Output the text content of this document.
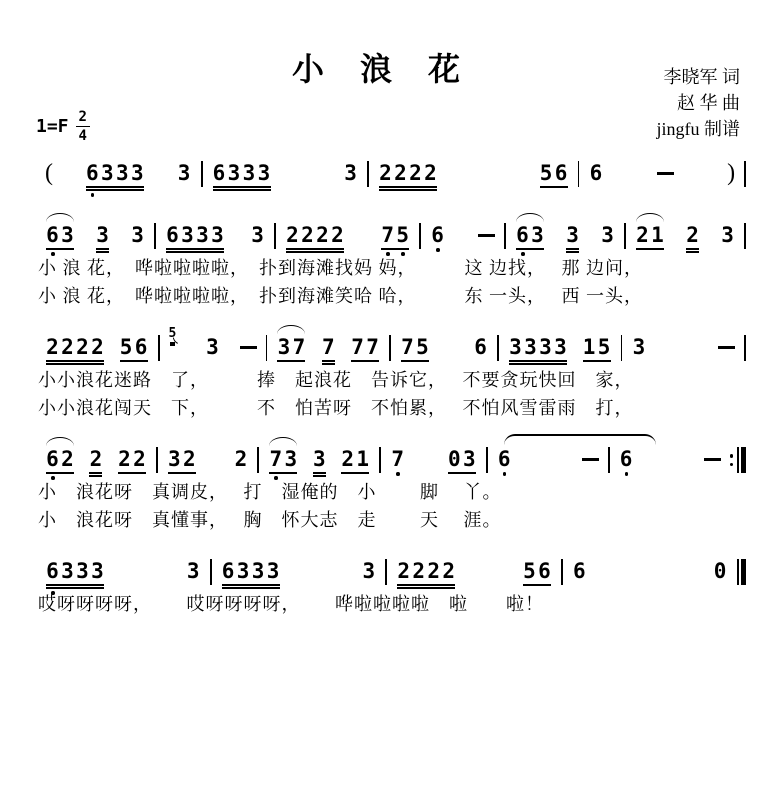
小 浪 花	李晓军 词
赵 华 曲
jingfu 制谱
$1=F \frac{2}{4}$
( 6 3 3 3 3 6 3 3 3	3 2 2 2 2	5 6 6	)
6 3 3 3 6 3 3 3 3 2 2 2 2 7 5 6	6 3 3 3 2 1 2 3
小 浪 花，　哗啦啦啦啦，　扑到海滩找妈 妈，　　　这 边找，　 那 边问，
小 浪 花，　哗啦啦啦啦，　扑到海滩笑哈 哈，　　　东 一头，　 西 一头，
2 2 2 2 5 6
5
3	3 7 7 7 7 7 5 6 3 3 3 3 1 5 3
小小浪花迷路　了，　　　捧　起浪花　告诉它，　 不要贪玩快回　家，
小小浪花闯天　下，　　　不　怕苦呀　不怕累，　 不怕风雪雷雨　打，
6 2 2 2 2 3 2 2 7 3 3 2 1 7 0 3 6	6
小　浪花呀　真调皮，　 打　湿俺的　小　　 脚　 丫。
小　浪花呀　真懂事，　 胸　怀大志　走　　 天　 涯。
6 3 3 3	3 6 3 3 3	3 2 2 2 2	5 6 6	0
哎呀呀呀呀，　　 哎呀呀呀呀，　　 哗啦啦啦啦　啦　　啦！
